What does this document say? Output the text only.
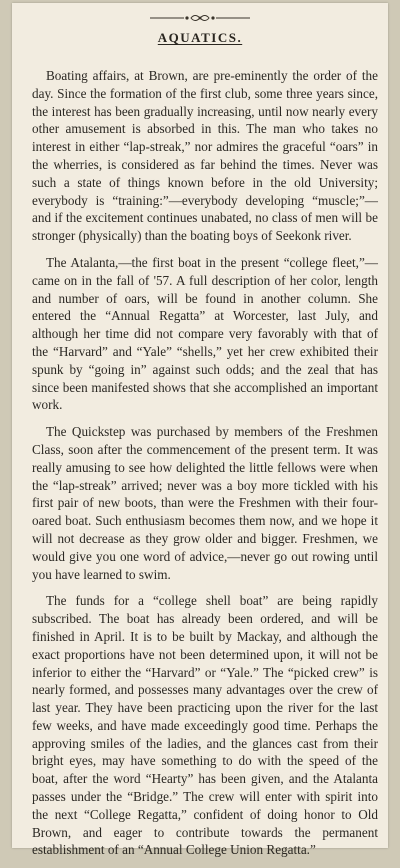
AQUATICS.

Boating affairs, at Brown, are pre-eminently the order of the day. Since the formation of the first club, some three years since, the interest has been gradually increasing, until now nearly every other amusement is absorbed in this. The man who takes no interest in either “lap-streak,” nor admires the graceful “oars” in the wherries, is considered as far behind the times. Never was such a state of things known before in the old University; everybody is “training:”—everybody developing “muscle;”—and if the excitement continues unabated, no class of men will be stronger (physically) than the boating boys of Seekonk river.

The Atalanta,—the first boat in the present “college fleet,”—came on in the fall of '57. A full description of her color, length and number of oars, will be found in another column. She entered the “Annual Regatta” at Worcester, last July, and although her time did not compare very favorably with that of the “Harvard” and “Yale” “shells,” yet her crew exhibited their spunk by “going in” against such odds; and the zeal that has since been manifested shows that she accomplished an important work.

The Quickstep was purchased by members of the Freshmen Class, soon after the commencement of the present term. It was really amusing to see how delighted the little fellows were when the “lap-streak” arrived; never was a boy more tickled with his first pair of new boots, than were the Freshmen with their four-oared boat. Such enthusiasm becomes them now, and we hope it will not decrease as they grow older and bigger. Freshmen, we would give you one word of advice,—never go out rowing until you have learned to swim.

The funds for a “college shell boat” are being rapidly subscribed. The boat has already been ordered, and will be finished in April. It is to be built by Mackay, and although the exact proportions have not been determined upon, it will not be inferior to either the “Harvard” or “Yale.” The “picked crew” is nearly formed, and possesses many advantages over the crew of last year. They have been practicing upon the river for the last few weeks, and have made exceedingly good time. Perhaps the approving smiles of the ladies, and the glances cast from their bright eyes, may have something to do with the speed of the boat, after the word “Hearty” has been given, and the Atalanta passes under the “Bridge.” The crew will enter with spirit into the next “College Regatta,” confident of doing honor to Old Brown, and eager to contribute towards the permanent establishment of an “Annual College Union Regatta.”
